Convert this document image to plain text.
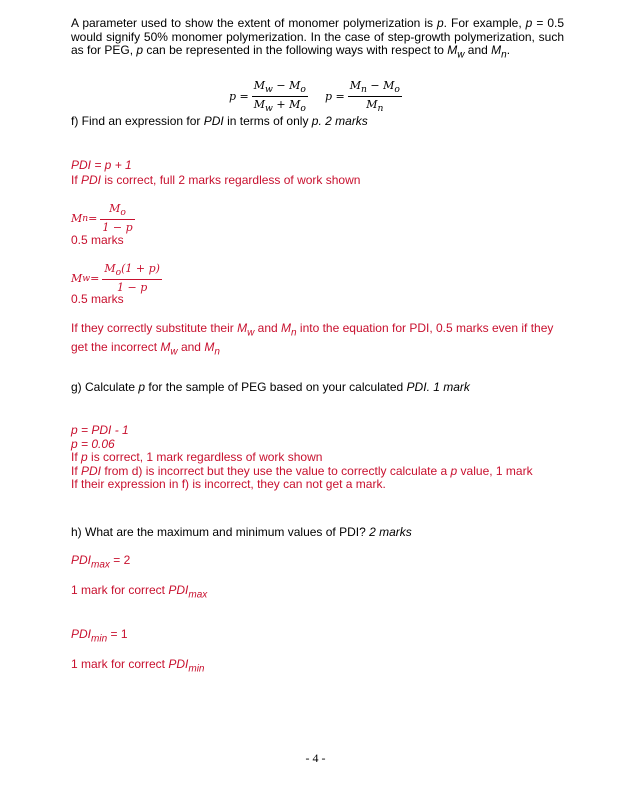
A parameter used to show the extent of monomer polymerization is p. For example, p = 0.5 would signify 50% monomer polymerization. In the case of step-growth polymerization, such as for PEG, p can be represented in the following ways with respect to $M_w$ and $M_n$.
$p = \frac{M_w - M_o}{M_w + M_o}$ $p = \frac{M_n - M_o}{M_n}$
f) Find an expression for PDI in terms of only p. 2 marks
PDI = p + 1
If PDI is correct, full 2 marks regardless of work shown
M $n = \frac{M_o}{1 - p}$
0.5 marks
M $w = \frac{M_o(1 + p)}{1 - p}$
0.5 marks
If they correctly substitute their $M_w$ and $M_n$ into the equation for PDI, 0.5 marks even if they get the incorrect $M_w$ and $M_n$
g) Calculate p for the sample of PEG based on your calculated PDI. 1 mark
p = PDI - 1
p = 0.06
If p is correct, 1 mark regardless of work shown
If PDI from d) is incorrect but they use the value to correctly calculate a p value, 1 mark
If their expression in f) is incorrect, they can not get a mark.
h) What are the maximum and minimum values of PDI? 2 marks
$PDI_{max} = 2$
1 mark for correct $PDI_{max}$
$PDI_{min} = 1$
1 mark for correct $PDI_{min}$
- 4 -
